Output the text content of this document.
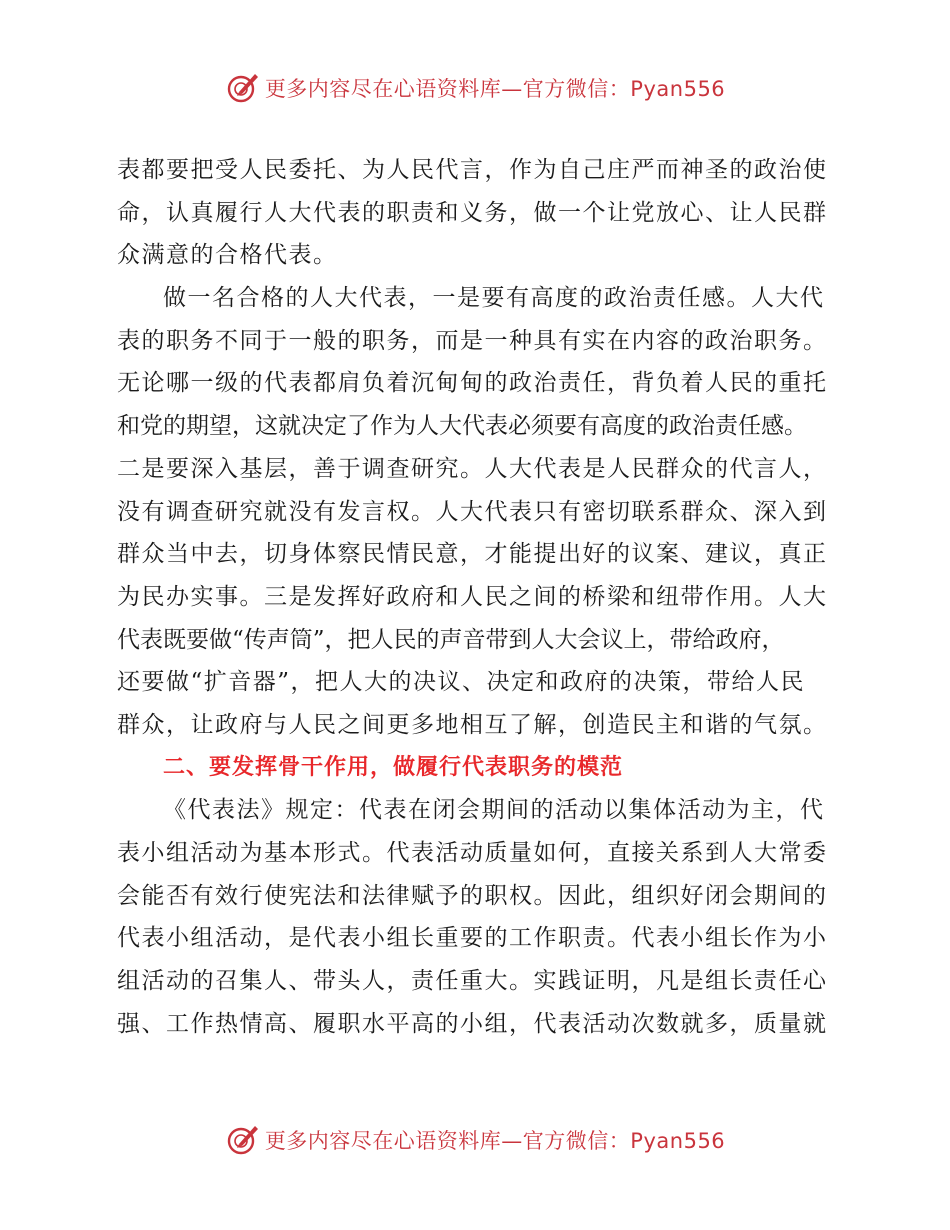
更多内容尽在心语资料库—官方微信：Pyan556
表都要把受人民委托、为人民代言，作为自己庄严而神圣的政治使
命，认真履行人大代表的职责和义务，做一个让党放心、让人民群
众满意的合格代表。
做一名合格的人大代表，一是要有高度的政治责任感。人大代
表的职务不同于一般的职务，而是一种具有实在内容的政治职务。
无论哪一级的代表都肩负着沉甸甸的政治责任，背负着人民的重托
和党的期望，这就决定了作为人大代表必须要有高度的政治责任感。
二是要深入基层，善于调查研究。人大代表是人民群众的代言人，
没有调查研究就没有发言权。人大代表只有密切联系群众、深入到
群众当中去，切身体察民情民意，才能提出好的议案、建议，真正
为民办实事。三是发挥好政府和人民之间的桥梁和纽带作用。人大
代表既要做“传声筒”，把人民的声音带到人大会议上，带给政府，
还要做“扩音器”，把人大的决议、决定和政府的决策，带给人民
群众，让政府与人民之间更多地相互了解，创造民主和谐的气氛。
二、要发挥骨干作用，做履行代表职务的模范
《代表法》规定：代表在闭会期间的活动以集体活动为主，代
表小组活动为基本形式。代表活动质量如何，直接关系到人大常委
会能否有效行使宪法和法律赋予的职权。因此，组织好闭会期间的
代表小组活动，是代表小组长重要的工作职责。代表小组长作为小
组活动的召集人、带头人，责任重大。实践证明，凡是组长责任心
强、工作热情高、履职水平高的小组，代表活动次数就多，质量就
更多内容尽在心语资料库—官方微信：Pyan556
